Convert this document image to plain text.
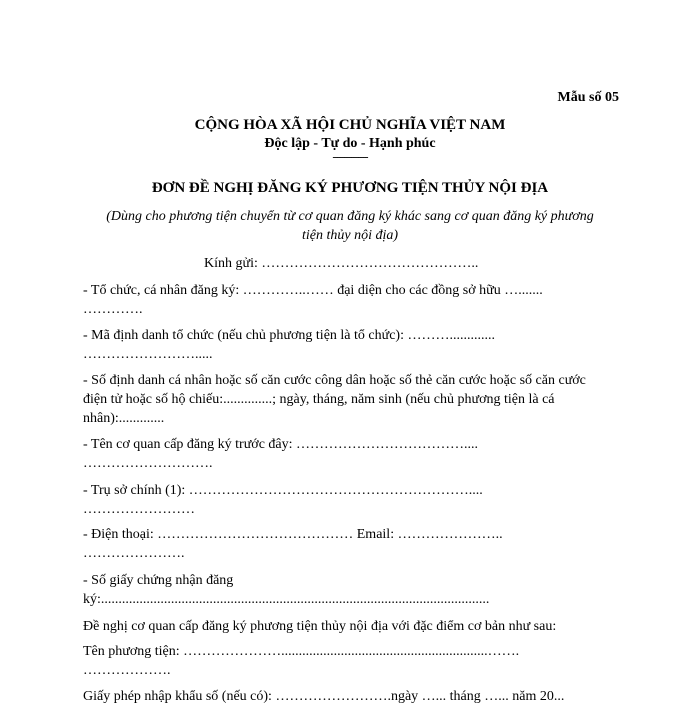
Mẫu số 05
CỘNG HÒA XÃ HỘI CHỦ NGHĨA VIỆT NAM
Độc lập - Tự do - Hạnh phúc
---------------
ĐƠN ĐỀ NGHỊ ĐĂNG KÝ PHƯƠNG TIỆN THỦY NỘI ĐỊA
(Dùng cho phương tiện chuyển từ cơ quan đăng ký khác sang cơ quan đăng ký phương
tiện thủy nội địa)
Kính gửi: ………………………………………..
- Tổ chức, cá nhân đăng ký: …………..…… đại diện cho các đồng sở hữu ….......
………….
- Mã định danh tổ chức (nếu chủ phương tiện là tổ chức): ……….............
…………………….....
- Số định danh cá nhân hoặc số căn cước công dân hoặc số thẻ căn cước hoặc số căn cước
điện tử hoặc số hộ chiếu:..............; ngày, tháng, năm sinh (nếu chủ phương tiện là cá
nhân):.............
- Tên cơ quan cấp đăng ký trước đây: ………………………………....
……………………….
- Trụ sở chính (1): ……………………………………………………....
……………………
- Điện thoại: …………………………………… Email: …………………..
………………….
- Số giấy chứng nhận đăng
ký:...............................................................................................................
Đề nghị cơ quan cấp đăng ký phương tiện thủy nội địa với đặc điểm cơ bản như sau:
Tên phương tiện: …………………...........................................................…….
……………….
Giấy phép nhập khẩu số (nếu có): …………………….ngày …... tháng …... năm 20...
